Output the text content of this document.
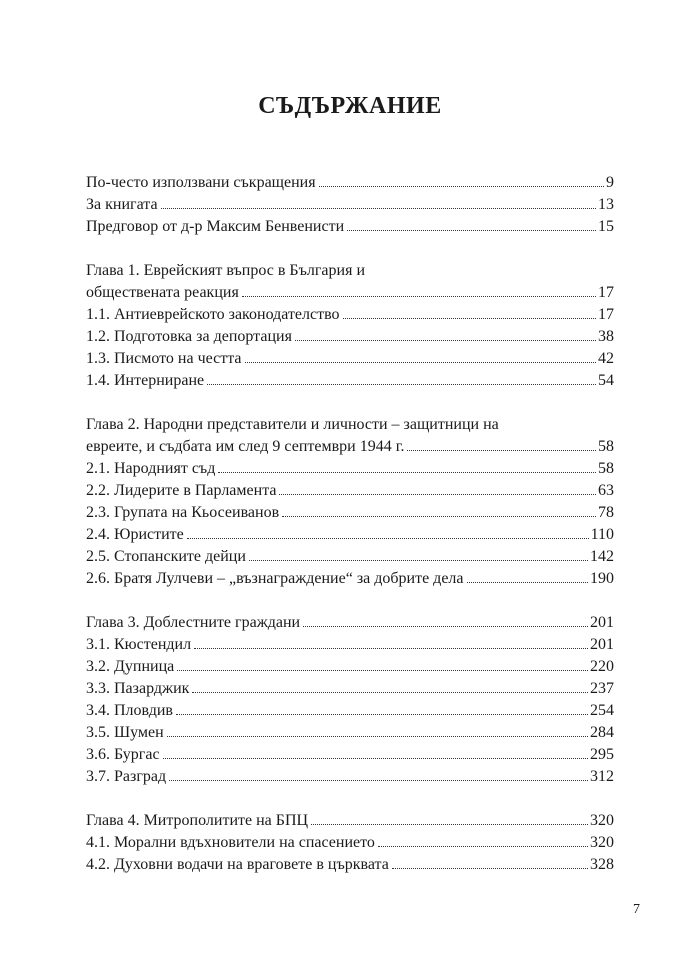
СЪДЪРЖАНИЕ
По-често използвани съкращения	9
За книгата	13
Предговор от д-р Максим Бенвенисти	15
Глава 1. Еврейският въпрос в България и
обществената реакция	17
1.1. Антиеврейското законодателство	17
1.2. Подготовка за депортация	38
1.3. Писмото на честта	42
1.4. Интерниране	54
Глава 2. Народни представители и личности – защитници на
евреите, и съдбата им след 9 септември 1944 г.	58
2.1. Народният съд	58
2.2. Лидерите в Парламента	63
2.3. Групата на Кьосеиванов	78
2.4. Юристите	110
2.5. Стопанските дейци	142
2.6. Братя Лулчеви – „възнаграждение“ за добрите дела	190
Глава 3. Доблестните граждани	201
3.1. Кюстендил	201
3.2. Дупница	220
3.3. Пазарджик	237
3.4. Пловдив	254
3.5. Шумен	284
3.6. Бургас	295
3.7. Разград	312
Глава 4. Митрополитите на БПЦ	320
4.1. Морални вдъхновители на спасението	320
4.2. Духовни водачи на враговете в църквата	328
7
